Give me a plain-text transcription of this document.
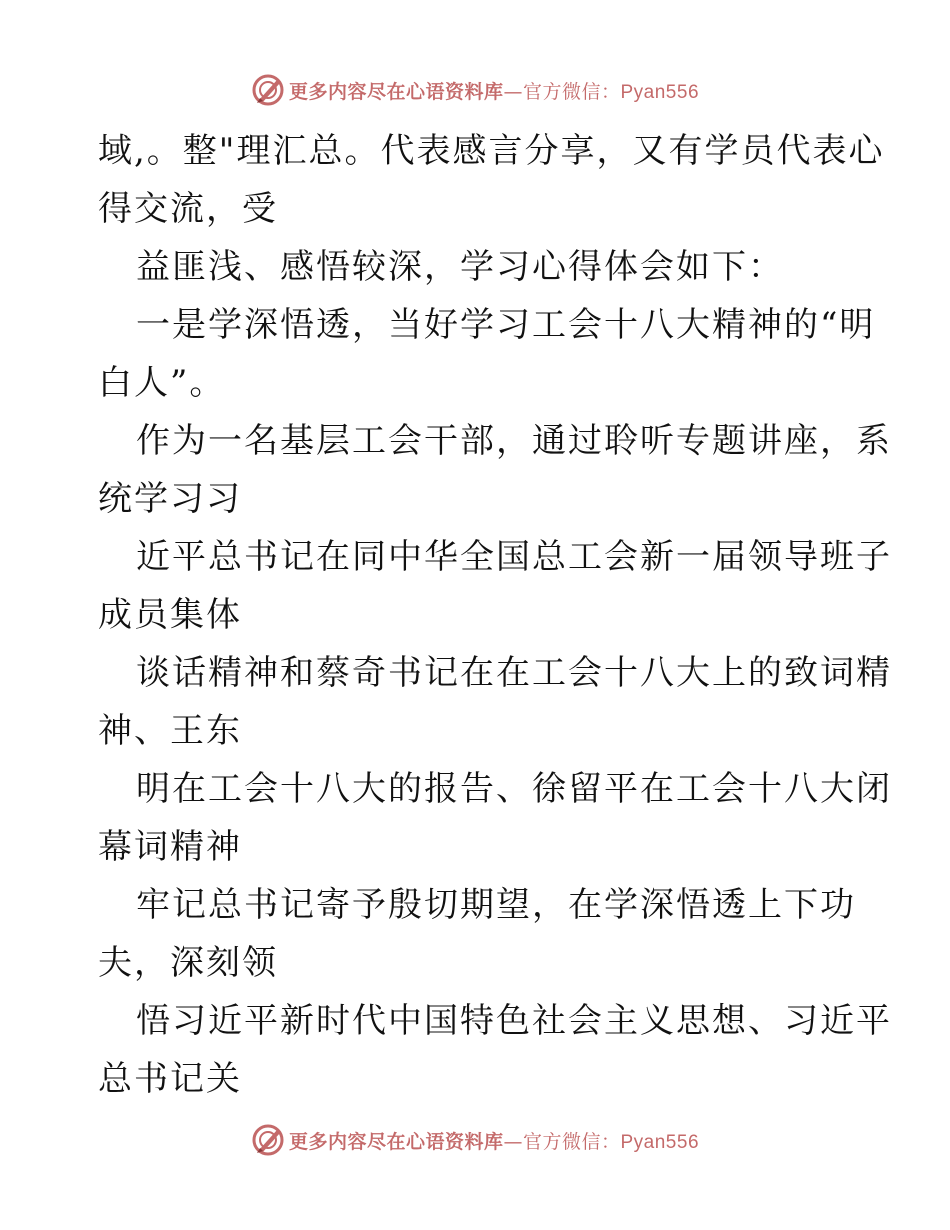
更多内容尽在心语资料库—官方微信：Pyan556
域,。整"理汇总。代表感言分享，又有学员代表心
得交流，受
益匪浅、感悟较深，学习心得体会如下：
一是学深悟透，当好学习工会十八大精神的“明
白人”。
作为一名基层工会干部，通过聆听专题讲座，系
统学习习
近平总书记在同中华全国总工会新一届领导班子
成员集体
谈话精神和蔡奇书记在在工会十八大上的致词精
神、王东
明在工会十八大的报告、徐留平在工会十八大闭
幕词精神
牢记总书记寄予殷切期望，在学深悟透上下功
夫，深刻领
悟习近平新时代中国特色社会主义思想、习近平
总书记关
更多内容尽在心语资料库—官方微信：Pyan556
